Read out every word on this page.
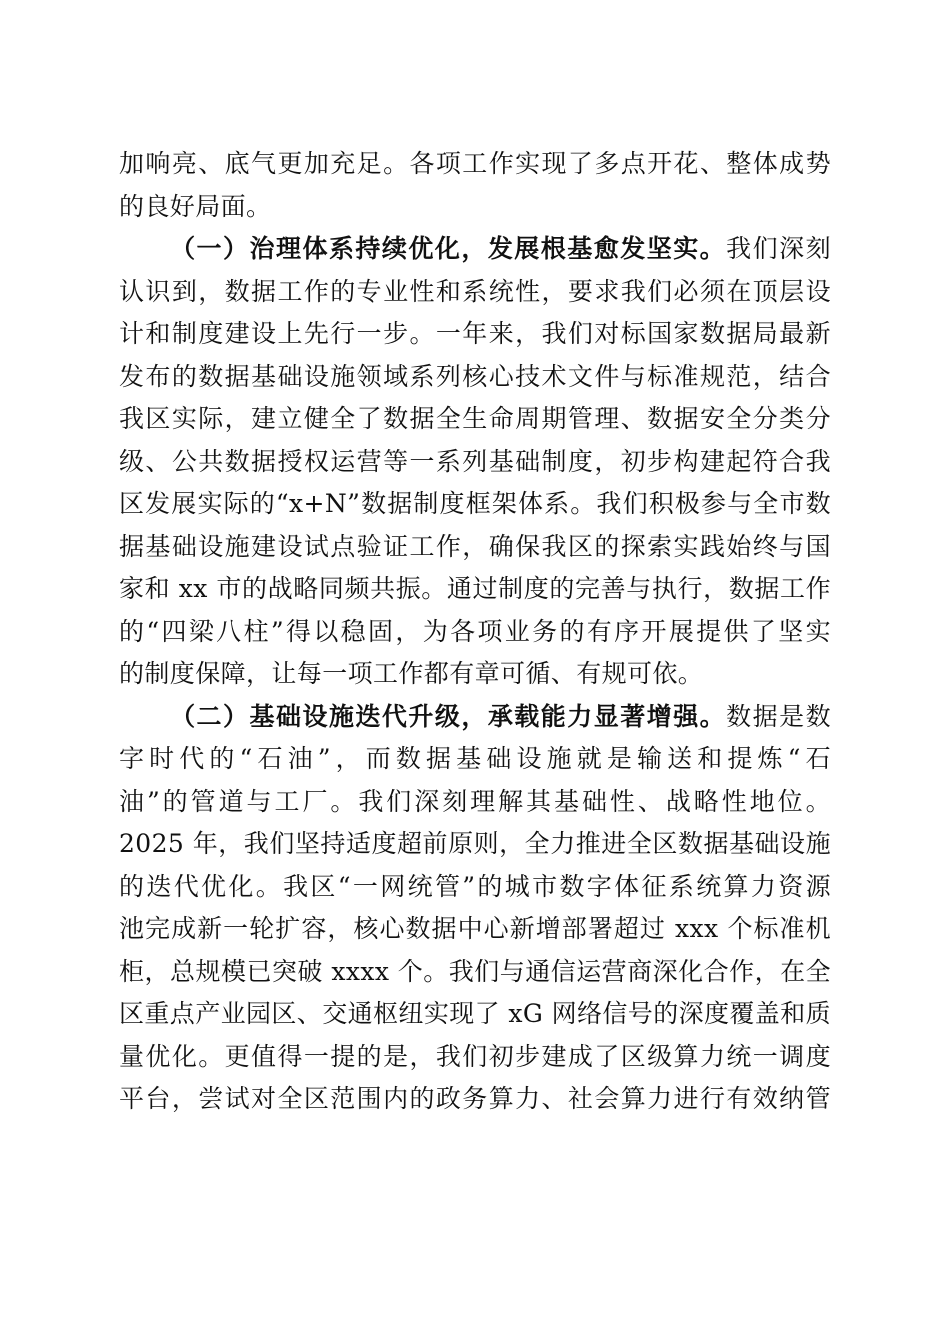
加响亮、底气更加充足。各项工作实现了多点开花、整体成势
的良好局面。
（一）治理体系持续优化，发展根基愈发坚实。我们深刻
认识到，数据工作的专业性和系统性，要求我们必须在顶层设
计和制度建设上先行一步。一年来，我们对标国家数据局最新
发布的数据基础设施领域系列核心技术文件与标准规范，结合
我区实际，建立健全了数据全生命周期管理、数据安全分类分
级、公共数据授权运营等一系列基础制度，初步构建起符合我
区发展实际的“x+N”数据制度框架体系。我们积极参与全市数
据基础设施建设试点验证工作，确保我区的探索实践始终与国
家和 xx 市的战略同频共振。通过制度的完善与执行，数据工作
的“四梁八柱”得以稳固，为各项业务的有序开展提供了坚实
的制度保障，让每一项工作都有章可循、有规可依。
（二）基础设施迭代升级，承载能力显著增强。数据是数
字时代的“石油”，而数据基础设施就是输送和提炼“石
油”的管道与工厂。我们深刻理解其基础性、战略性地位。
2025 年，我们坚持适度超前原则，全力推进全区数据基础设施
的迭代优化。我区“一网统管”的城市数字体征系统算力资源
池完成新一轮扩容，核心数据中心新增部署超过 xxx 个标准机
柜，总规模已突破 xxxx 个。我们与通信运营商深化合作，在全
区重点产业园区、交通枢纽实现了 xG 网络信号的深度覆盖和质
量优化。更值得一提的是，我们初步建成了区级算力统一调度
平台，尝试对全区范围内的政务算力、社会算力进行有效纳管
